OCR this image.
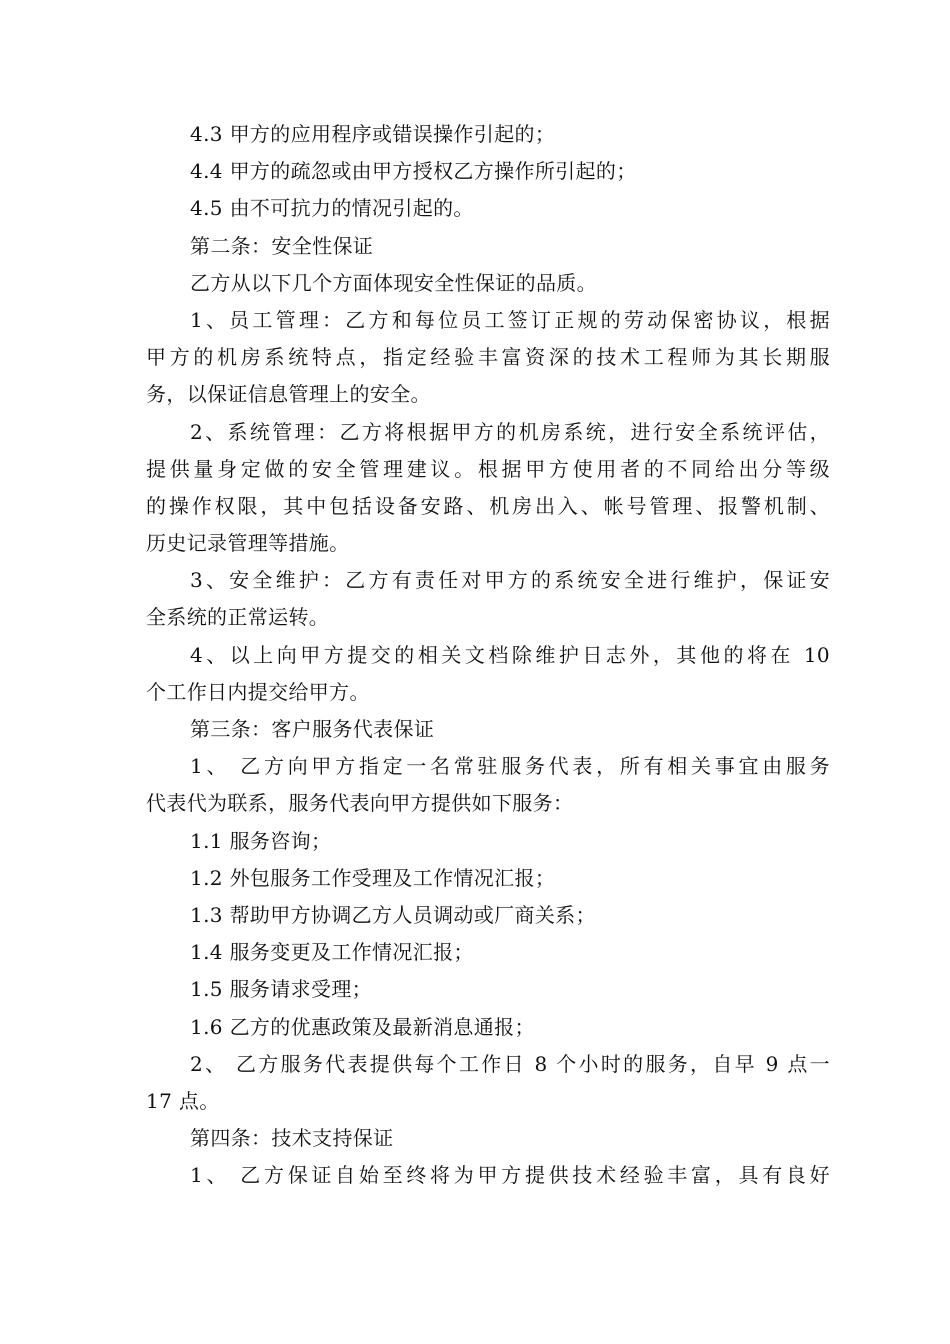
4.3 甲方的应用程序或错误操作引起的；
4.4 甲方的疏忽或由甲方授权乙方操作所引起的；
4.5 由不可抗力的情况引起的。
第二条：安全性保证
乙方从以下几个方面体现安全性保证的品质。
1、员工管理：乙方和每位员工签订正规的劳动保密协议，根据
甲方的机房系统特点，指定经验丰富资深的技术工程师为其长期服
务，以保证信息管理上的安全。
2、系统管理：乙方将根据甲方的机房系统，进行安全系统评估，
提供量身定做的安全管理建议。根据甲方使用者的不同给出分等级
的操作权限，其中包括设备安路、机房出入、帐号管理、报警机制、
历史记录管理等措施。
3、安全维护：乙方有责任对甲方的系统安全进行维护，保证安
全系统的正常运转。
4、以上向甲方提交的相关文档除维护日志外，其他的将在 10
个工作日内提交给甲方。
第三条：客户服务代表保证
1、 乙方向甲方指定一名常驻服务代表，所有相关事宜由服务
代表代为联系，服务代表向甲方提供如下服务：
1.1 服务咨询；
1.2 外包服务工作受理及工作情况汇报；
1.3 帮助甲方协调乙方人员调动或厂商关系；
1.4 服务变更及工作情况汇报；
1.5 服务请求受理；
1.6 乙方的优惠政策及最新消息通报；
2、 乙方服务代表提供每个工作日 8 个小时的服务，自早 9 点一
17 点。
第四条：技术支持保证
1、 乙方保证自始至终将为甲方提供技术经验丰富，具有良好
